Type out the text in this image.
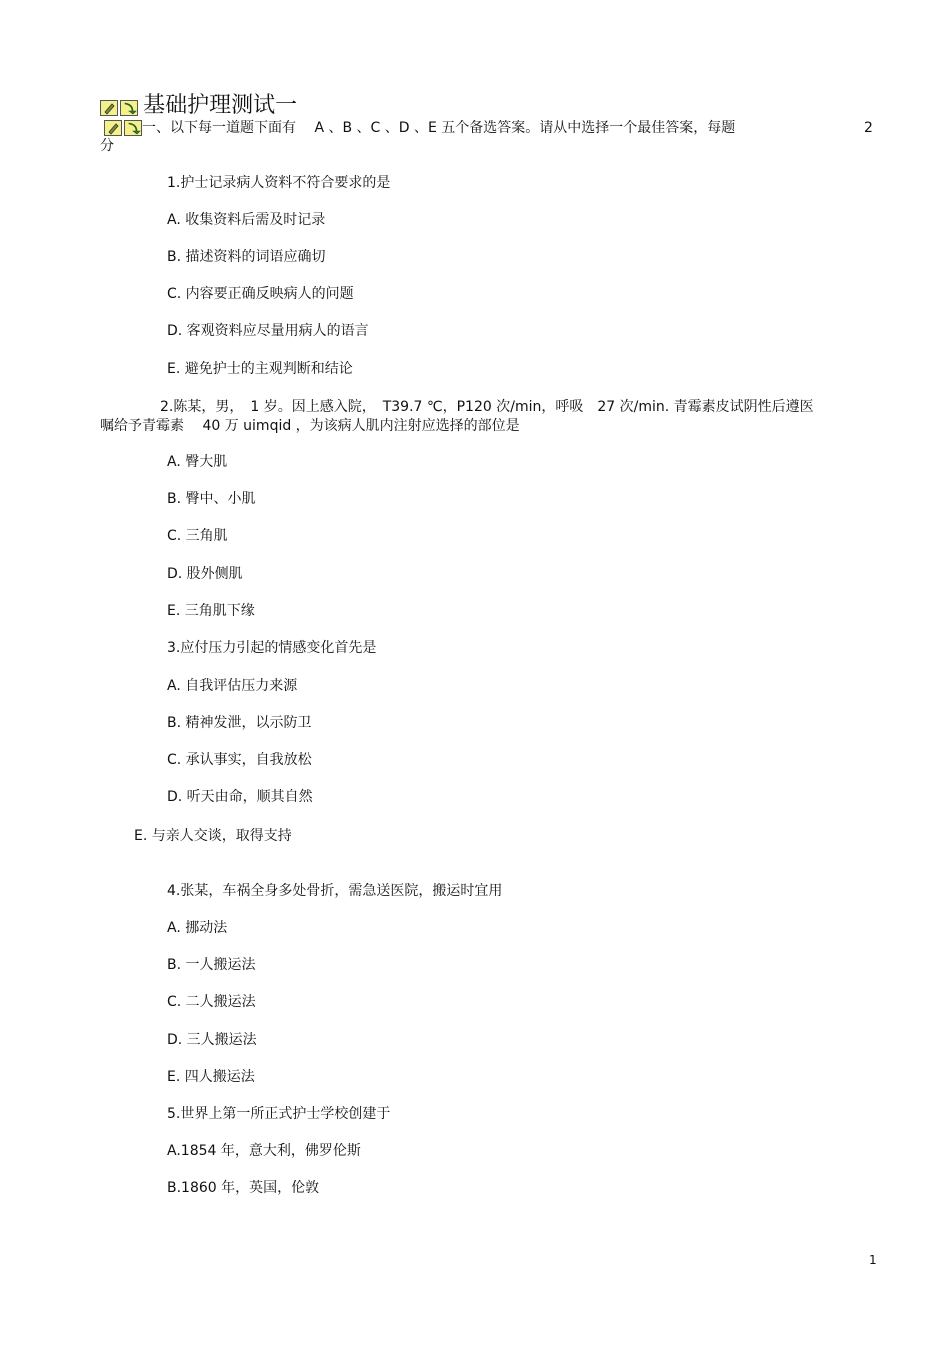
基础护理测试一
一、以下每一道题下面有　 A 、B 、C 、D 、E 五个备选答案。请从中选择一个最佳答案，每题	2
分
1.护士记录病人资料不符合要求的是
A. 收集资料后需及时记录
B. 描述资料的词语应确切
C. 内容要正确反映病人的问题
D. 客观资料应尽量用病人的语言
E. 避免护士的主观判断和结论
2.陈某，男，　1 岁。因上感入院，　T39.7 ℃，P120 次/min，呼吸　27 次/min. 青霉素皮试阴性后遵医
嘱给予青霉素　 40 万 uimqid ，为该病人肌内注射应选择的部位是
A. 臀大肌
B. 臀中、小肌
C. 三角肌
D. 股外侧肌
E. 三角肌下缘
3.应付压力引起的情感变化首先是
A. 自我评估压力来源
B. 精神发泄，以示防卫
C. 承认事实，自我放松
D. 听天由命，顺其自然
E. 与亲人交谈，取得支持
4.张某，车祸全身多处骨折，需急送医院，搬运时宜用
A. 挪动法
B. 一人搬运法
C. 二人搬运法
D. 三人搬运法
E. 四人搬运法
5.世界上第一所正式护士学校创建于
A.1854 年，意大利，佛罗伦斯
B.1860 年，英国，伦敦
1
